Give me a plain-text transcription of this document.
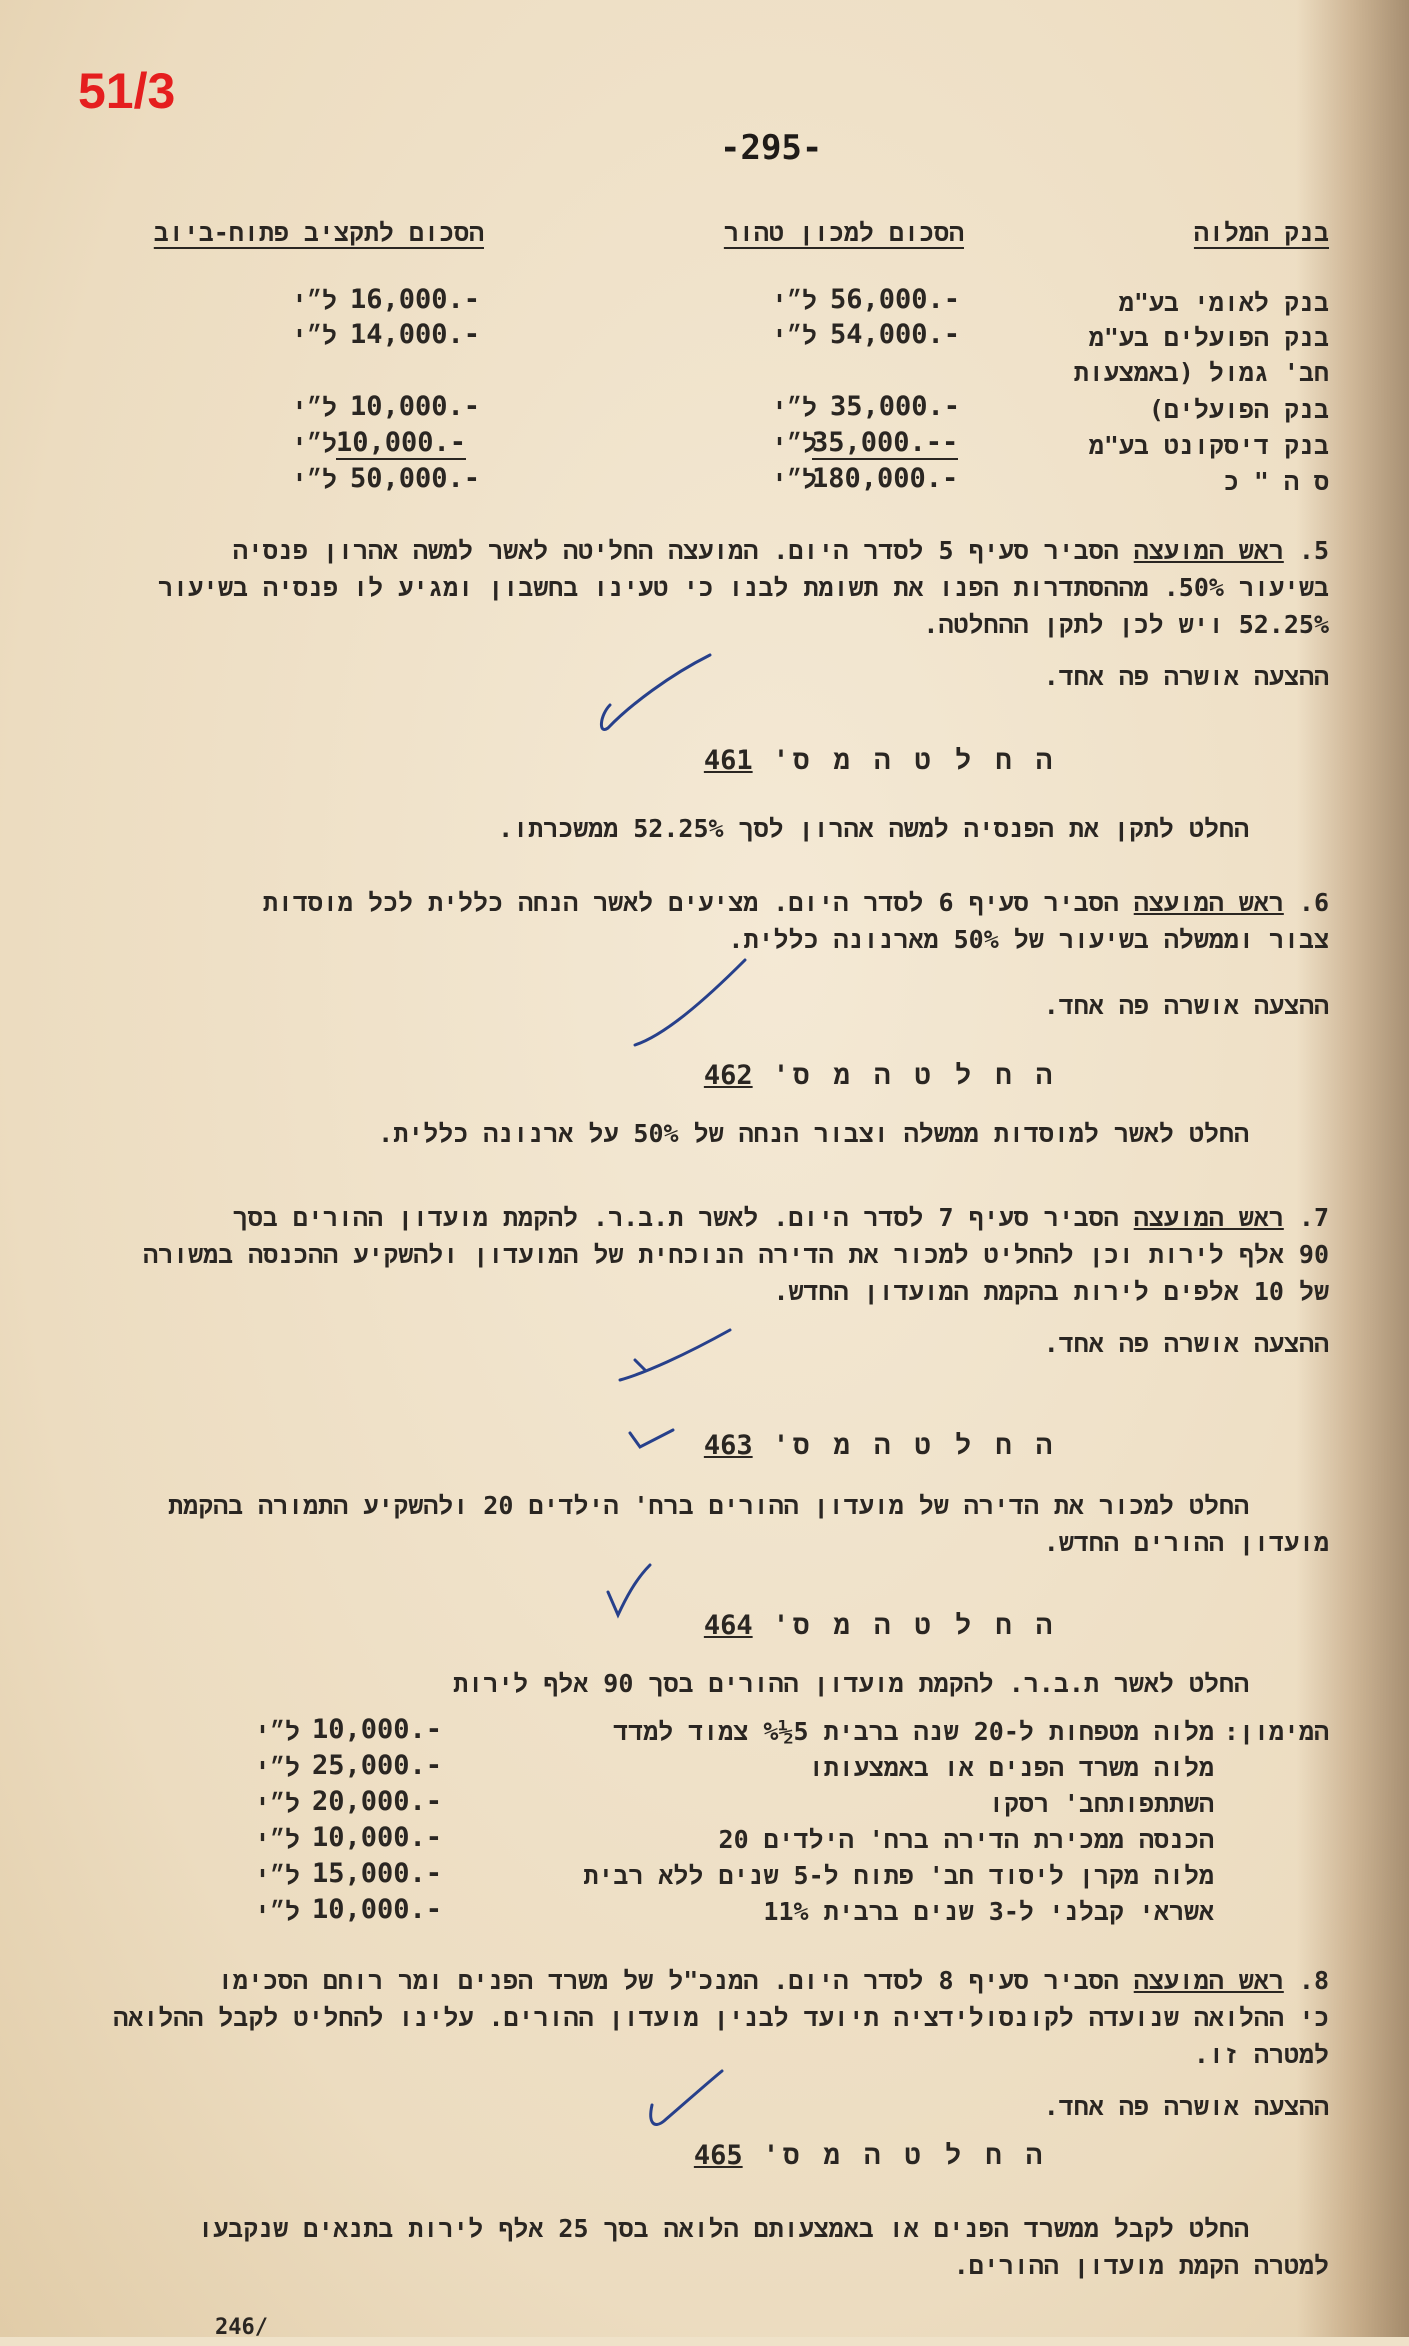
51/3
-295-
בנק המלוה
הסכום למכון טהור
הסכום לתקציב פתוח-ביוב
בנק לאומי בע"מ
בנק הפועלים בע"מ
חב' גמול (באמצעות
בנק הפועלים)
בנק דיסקונט בע"מ
ס ה " כ
ל״י 56,000.-
ל״י 54,000.-
ל״י 35,000.-
ל״י
35,000.--
ל״י
180,000.-
ל״י 16,000.-
ל״י 14,000.-
ל״י 10,000.-
ל״י
10,000.-
ל״י 50,000.-
5. ראש המועצה הסביר סעיף 5 לסדר היום. המועצה החליטה לאשר למשה אהרון פנסיה
בשיעור 50%. מההסתדרות הפנו את תשומת לבנו כי טעינו בחשבון ומגיע לו פנסיה בשיעור
52.25% ויש לכן לתקן ההחלטה.
ההצעה אושרה פה אחד.
ה ח ל ט ה מ ס' 461
החלט לתקן את הפנסיה למשה אהרון לסך 52.25% ממשכרתו.
6. ראש המועצה הסביר סעיף 6 לסדר היום. מציעים לאשר הנחה כללית לכל מוסדות
צבור וממשלה בשיעור של 50% מארנונה כללית.
ההצעה אושרה פה אחד.
ה ח ל ט ה מ ס' 462
החלט לאשר למוסדות ממשלה וצבור הנחה של 50% על ארנונה כללית.
7. ראש המועצה הסביר סעיף 7 לסדר היום. לאשר ת.ב.ר. להקמת מועדון ההורים בסך
90 אלף לירות וכן להחליט למכור את הדירה הנוכחית של המועדון ולהשקיע ההכנסה במשורה
של 10 אלפים לירות בהקמת המועדון החדש.
ההצעה אושרה פה אחד.
ה ח ל ט ה מ ס' 463
החלט למכור את הדירה של מועדון ההורים ברח' הילדים 20 ולהשקיע התמורה בהקמת
מועדון ההורים החדש.
ה ח ל ט ה מ ס' 464
החלט לאשר ת.ב.ר. להקמת מועדון ההורים בסך 90 אלף לירות
המימון:
מלוה מטפחות ל-20 שנה ברבית 5½% צמוד למדד
ל״י 10,000.-
מלוה משרד הפנים או באמצעותו
ל״י 25,000.-
השתתפותחב' רסקו
ל״י 20,000.-
הכנסה ממכירת הדירה ברח' הילדים 20
ל״י 10,000.-
מלוה מקרן ליסוד חב' פתוח ל-5 שנים ללא רבית
ל״י 15,000.-
אשראי קבלני ל-3 שנים ברבית 11%
ל״י 10,000.-
8. ראש המועצה הסביר סעיף 8 לסדר היום. המנכ"ל של משרד הפנים ומר רוחם הסכימו
כי ההלואה שנועדה לקונסולידציה תיועד לבנין מועדון ההורים. עלינו להחליט לקבל ההלואה
למטרה זו.
ההצעה אושרה פה אחד.
ה ח ל ט ה מ ס' 465
החלט לקבל ממשרד הפנים או באמצעותם הלואה בסך 25 אלף לירות בתנאים שנקבעו
למטרה הקמת מועדון ההורים.
246/
